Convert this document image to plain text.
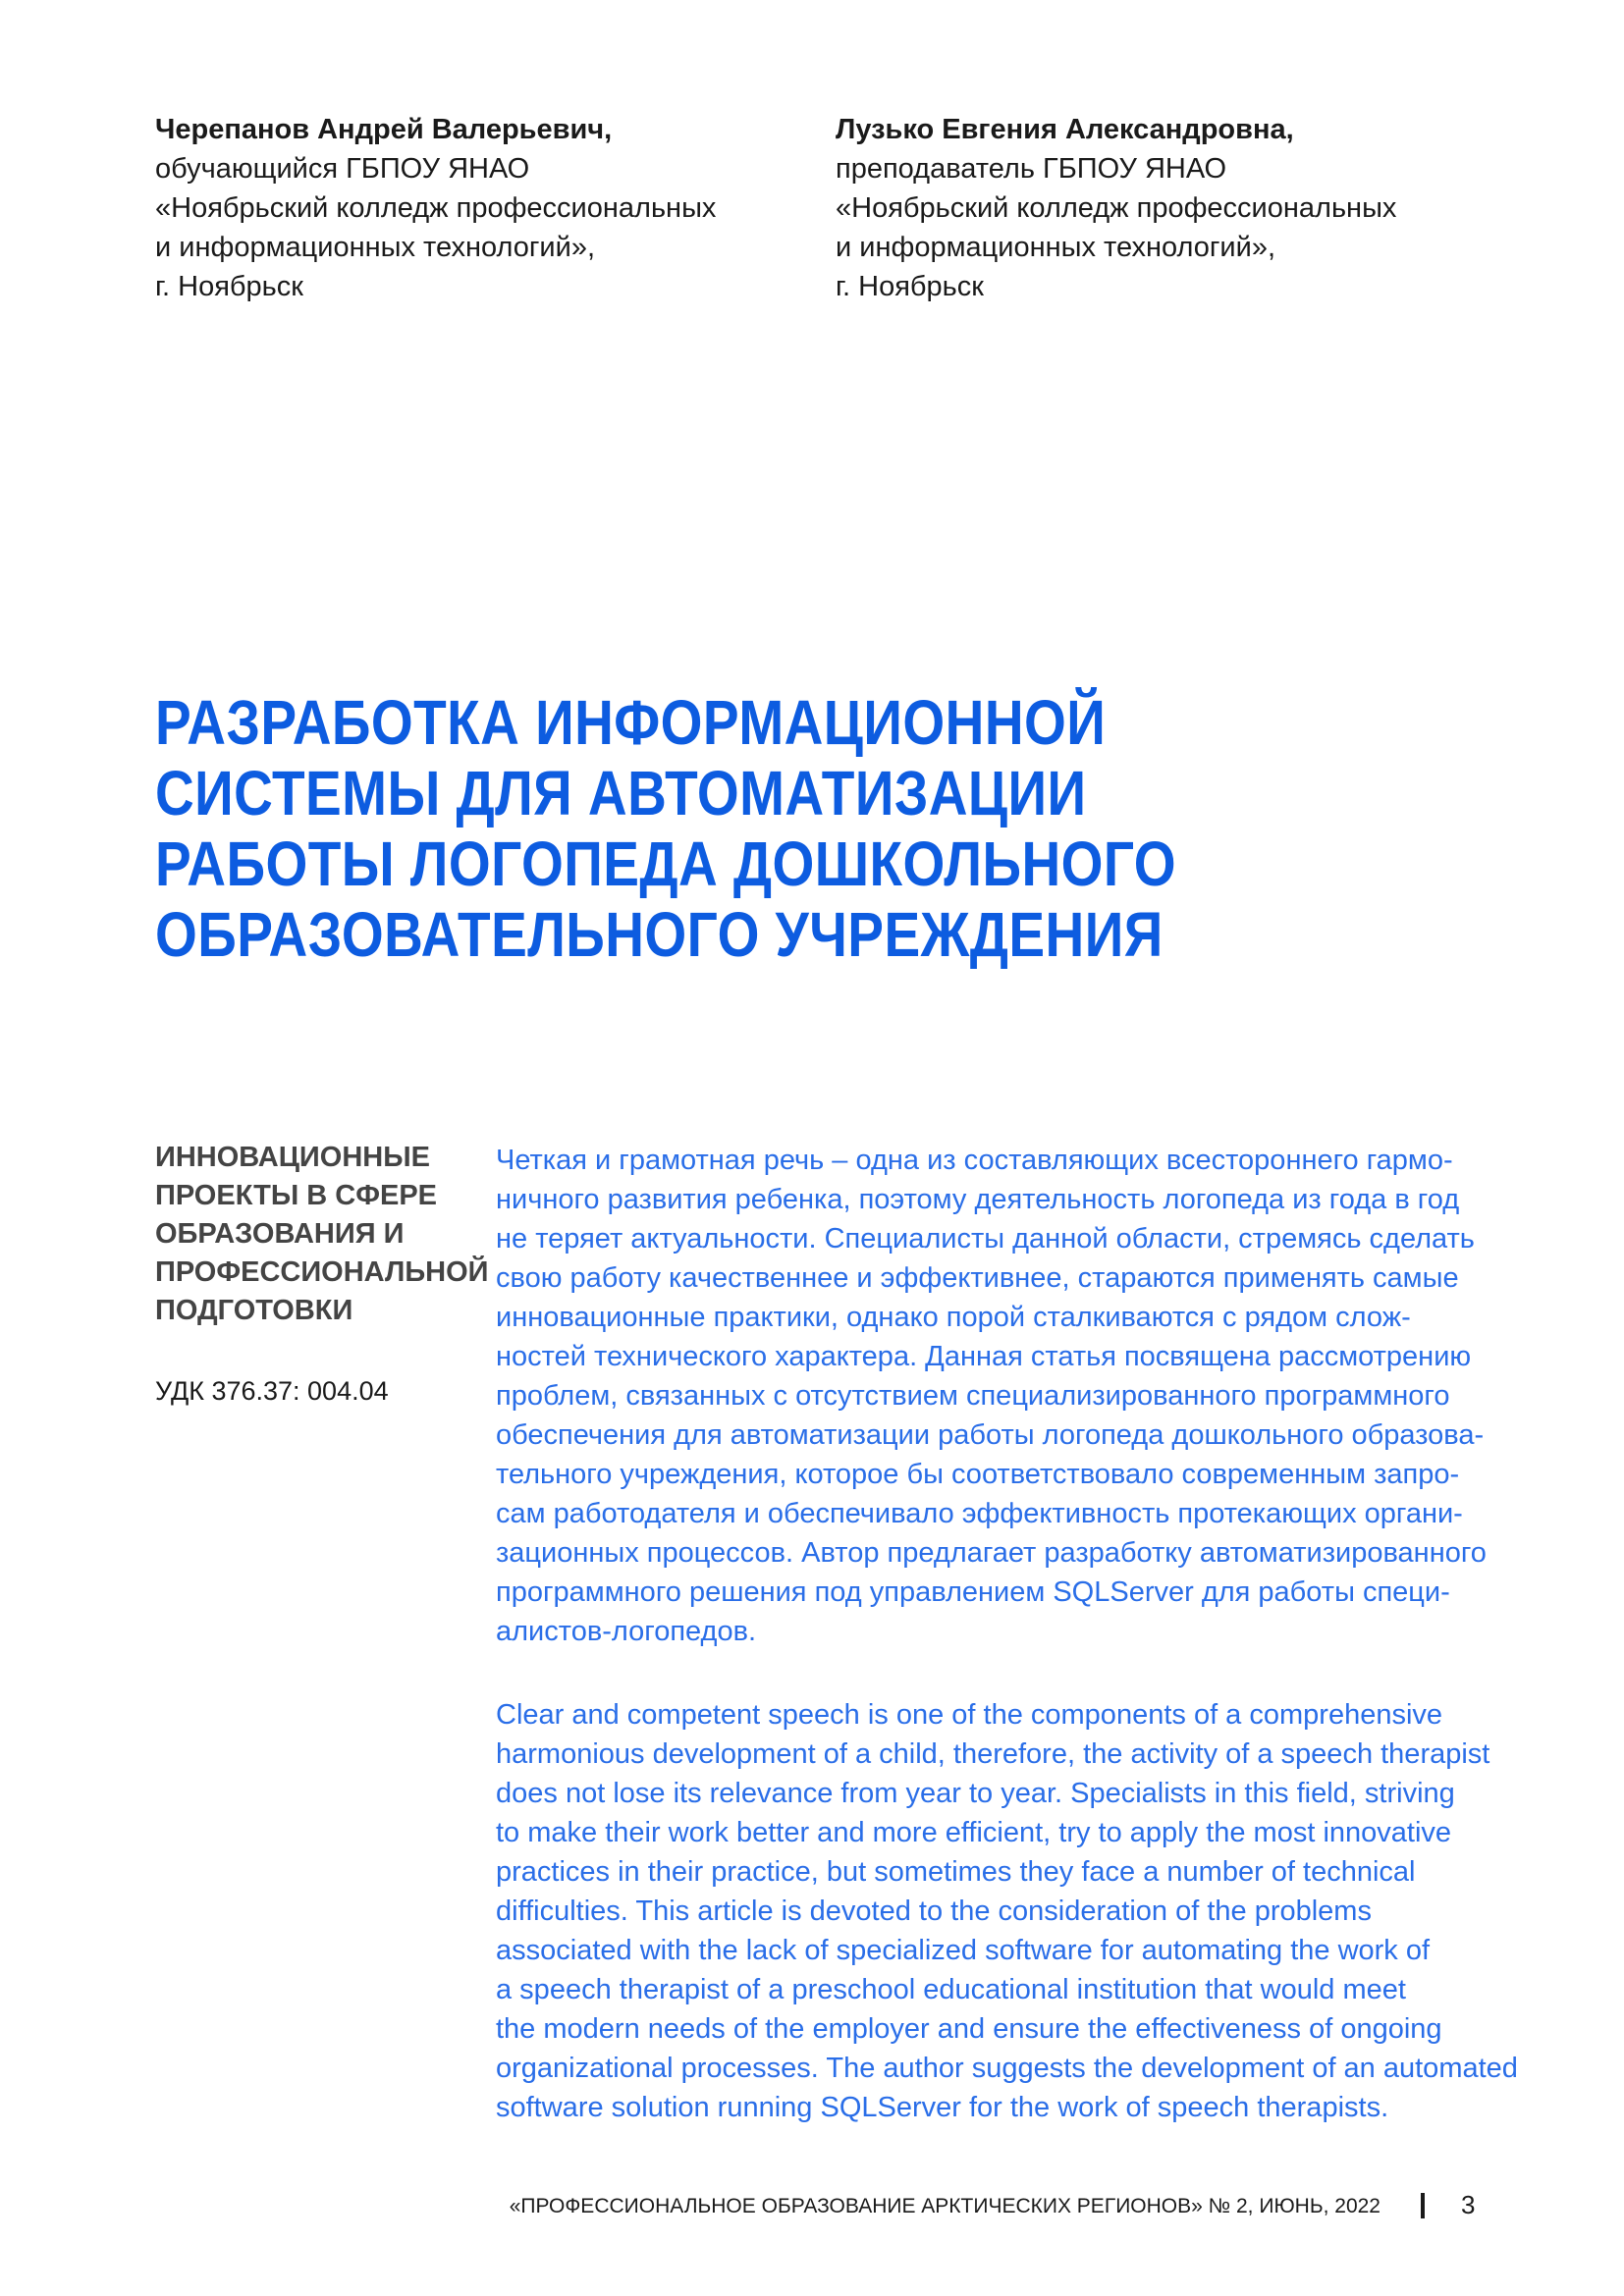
Черепанов Андрей Валерьевич,
обучающийся ГБПОУ ЯНАО
«Ноябрьский колледж профессиональных
и информационных технологий»,
г. Ноябрьск
Лузько Евгения Александровна,
преподаватель ГБПОУ ЯНАО
«Ноябрьский колледж профессиональных
и информационных технологий»,
г. Ноябрьск
РАЗРАБОТКА ИНФОРМАЦИОННОЙ
СИСТЕМЫ ДЛЯ АВТОМАТИЗАЦИИ
РАБОТЫ ЛОГОПЕДА ДОШКОЛЬНОГО
ОБРАЗОВАТЕЛЬНОГО УЧРЕЖДЕНИЯ
ИННОВАЦИОННЫЕ
ПРОЕКТЫ В СФЕРЕ
ОБРАЗОВАНИЯ И
ПРОФЕССИОНАЛЬНОЙ
ПОДГОТОВКИ
УДК 376.37: 004.04
Четкая и грамотная речь – одна из составляющих всестороннего гармо-
ничного развития ребенка, поэтому деятельность логопеда из года в год
не теряет актуальности. Специалисты данной области, стремясь сделать
свою работу качественнее и эффективнее, стараются применять самые
инновационные практики, однако порой сталкиваются с рядом слож-
ностей технического характера. Данная статья посвящена рассмотрению
проблем, связанных с отсутствием специализированного программного
обеспечения для автоматизации работы логопеда дошкольного образова-
тельного учреждения, которое бы соответствовало современным запро-
сам работодателя и обеспечивало эффективность протекающих органи-
зационных процессов. Автор предлагает разработку автоматизированного
программного решения под управлением SQLServer для работы специ-
алистов-логопедов.
Clear and competent speech is one of the components of a comprehensive
harmonious development of a child, therefore, the activity of a speech therapist
does not lose its relevance from year to year. Specialists in this field, striving
to make their work better and more efficient, try to apply the most innovative
practices in their practice, but sometimes they face a number of technical
difficulties. This article is devoted to the consideration of the problems
associated with the lack of specialized software for automating the work of
a speech therapist of a preschool educational institution that would meet
the modern needs of the employer and ensure the effectiveness of ongoing
organizational processes. The author suggests the development of an automated
software solution running SQLServer for the work of speech therapists.
«ПРОФЕССИОНАЛЬНОЕ ОБРАЗОВАНИЕ АРКТИЧЕСКИХ РЕГИОНОВ» № 2, ИЮНЬ, 2022	3
